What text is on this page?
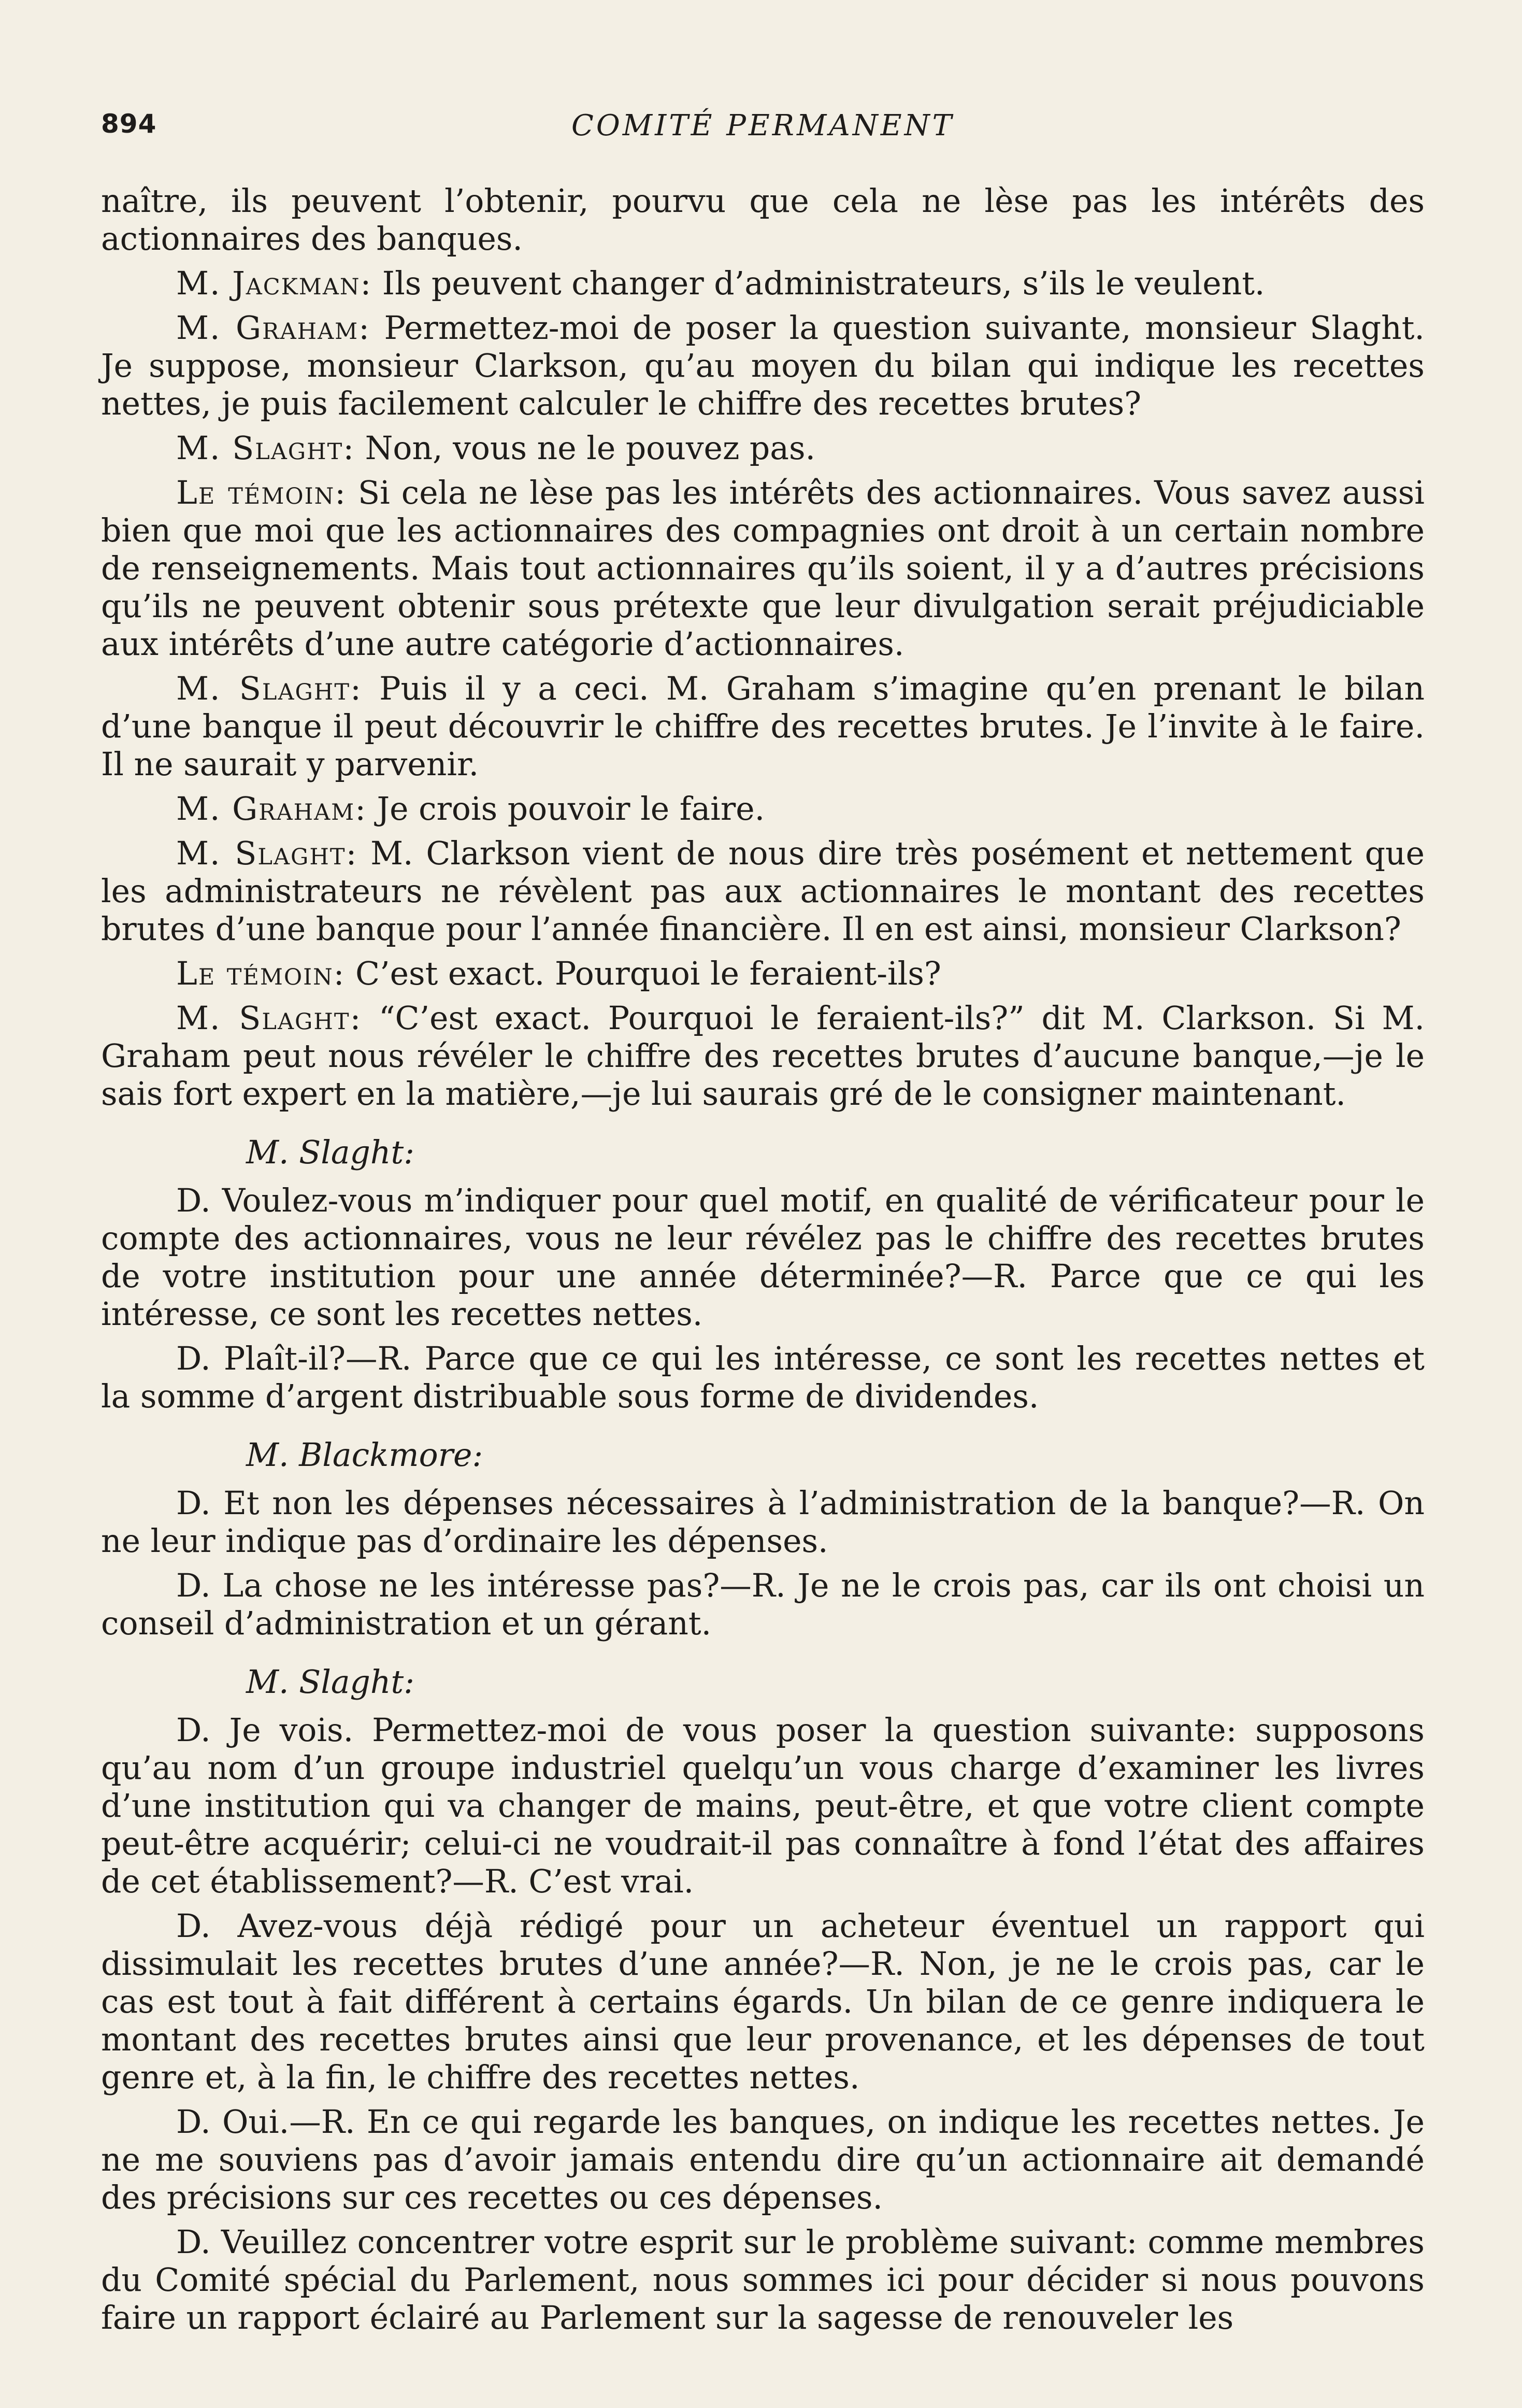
894	COMITÉ PERMANENT

naître, ils peuvent l’obtenir, pourvu que cela ne lèse pas les intérêts des actionnaires des banques.

M. Jackman: Ils peuvent changer d’administrateurs, s’ils le veulent.

M. Graham: Permettez-moi de poser la question suivante, monsieur Slaght. Je suppose, monsieur Clarkson, qu’au moyen du bilan qui indique les recettes nettes, je puis facilement calculer le chiffre des recettes brutes?

M. Slaght: Non, vous ne le pouvez pas.

Le témoin: Si cela ne lèse pas les intérêts des actionnaires. Vous savez aussi bien que moi que les actionnaires des compagnies ont droit à un certain nombre de renseignements. Mais tout actionnaires qu’ils soient, il y a d’autres précisions qu’ils ne peuvent obtenir sous prétexte que leur divulgation serait préjudiciable aux intérêts d’une autre catégorie d’actionnaires.

M. Slaght: Puis il y a ceci. M. Graham s’imagine qu’en prenant le bilan d’une banque il peut découvrir le chiffre des recettes brutes. Je l’invite à le faire. Il ne saurait y parvenir.

M. Graham: Je crois pouvoir le faire.

M. Slaght: M. Clarkson vient de nous dire très posément et nettement que les administrateurs ne révèlent pas aux actionnaires le montant des recettes brutes d’une banque pour l’année financière. Il en est ainsi, monsieur Clarkson?

Le témoin: C’est exact. Pourquoi le feraient-ils?

M. Slaght: “C’est exact. Pourquoi le feraient-ils?” dit M. Clarkson. Si M. Graham peut nous révéler le chiffre des recettes brutes d’aucune banque,—je le sais fort expert en la matière,—je lui saurais gré de le consigner maintenant.

M. Slaght:

D. Voulez-vous m’indiquer pour quel motif, en qualité de vérificateur pour le compte des actionnaires, vous ne leur révélez pas le chiffre des recettes brutes de votre institution pour une année déterminée?—R. Parce que ce qui les intéresse, ce sont les recettes nettes.

D. Plaît-il?—R. Parce que ce qui les intéresse, ce sont les recettes nettes et la somme d’argent distribuable sous forme de dividendes.

M. Blackmore:

D. Et non les dépenses nécessaires à l’administration de la banque?—R. On ne leur indique pas d’ordinaire les dépenses.

D. La chose ne les intéresse pas?—R. Je ne le crois pas, car ils ont choisi un conseil d’administration et un gérant.

M. Slaght:

D. Je vois. Permettez-moi de vous poser la question suivante: supposons qu’au nom d’un groupe industriel quelqu’un vous charge d’examiner les livres d’une institution qui va changer de mains, peut-être, et que votre client compte peut-être acquérir; celui-ci ne voudrait-il pas connaître à fond l’état des affaires de cet établissement?—R. C’est vrai.

D. Avez-vous déjà rédigé pour un acheteur éventuel un rapport qui dissimulait les recettes brutes d’une année?—R. Non, je ne le crois pas, car le cas est tout à fait différent à certains égards. Un bilan de ce genre indiquera le montant des recettes brutes ainsi que leur provenance, et les dépenses de tout genre et, à la fin, le chiffre des recettes nettes.

D. Oui.—R. En ce qui regarde les banques, on indique les recettes nettes. Je ne me souviens pas d’avoir jamais entendu dire qu’un actionnaire ait demandé des précisions sur ces recettes ou ces dépenses.

D. Veuillez concentrer votre esprit sur le problème suivant: comme membres du Comité spécial du Parlement, nous sommes ici pour décider si nous pouvons faire un rapport éclairé au Parlement sur la sagesse de renouveler les
